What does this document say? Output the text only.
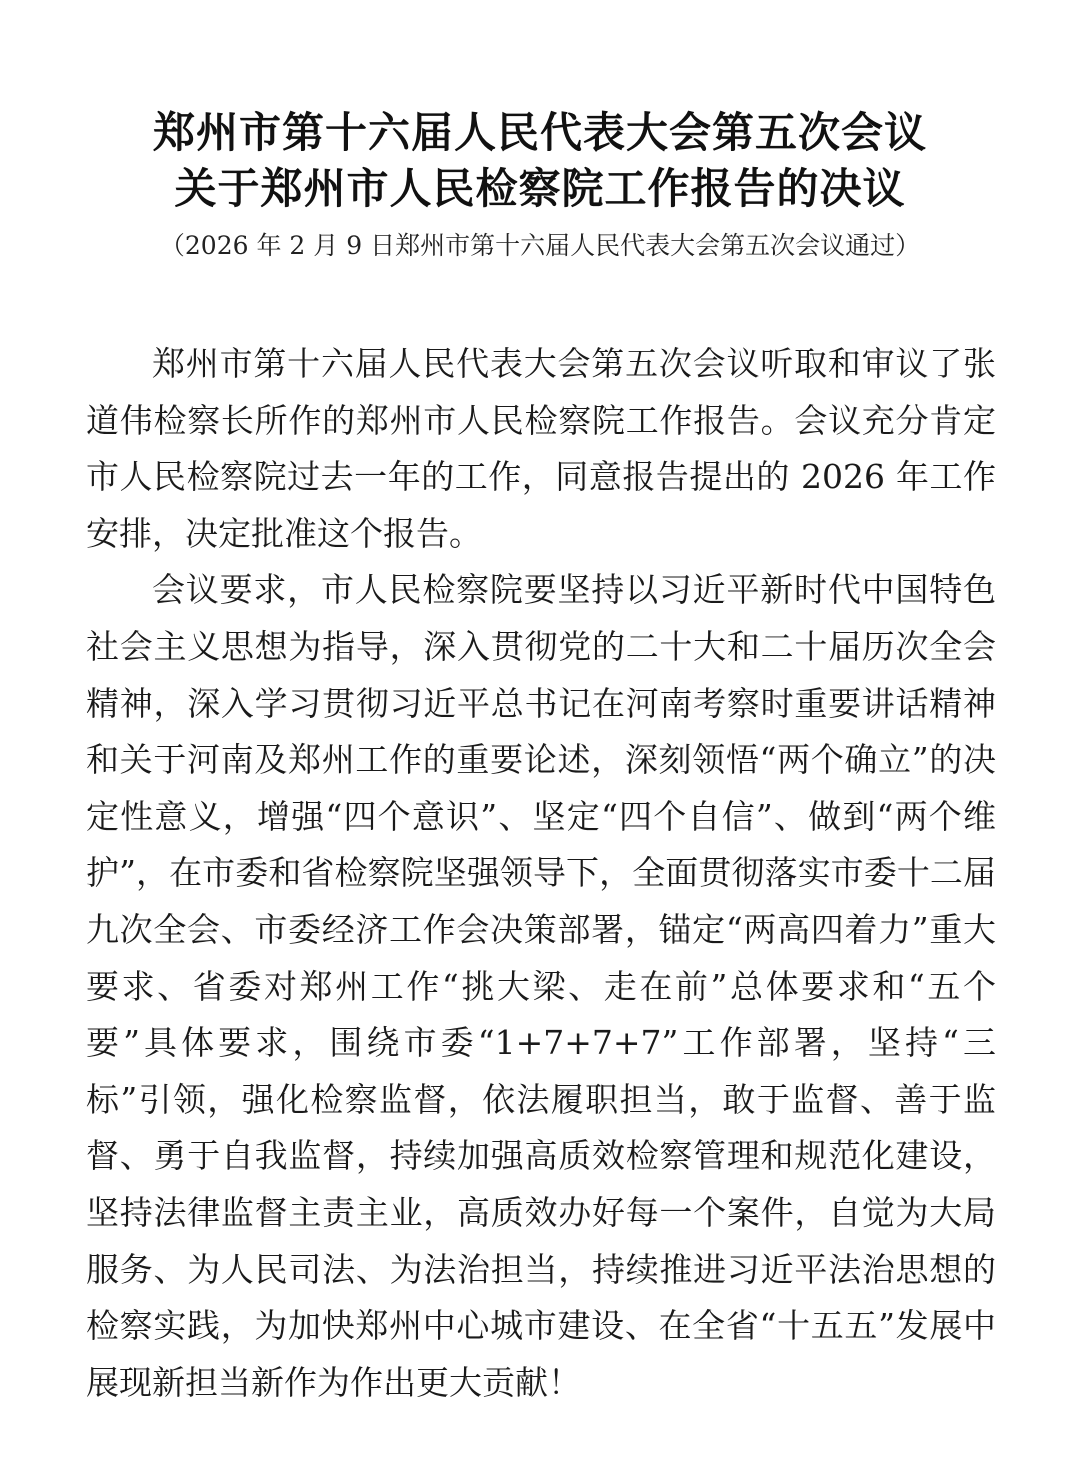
郑州市第十六届人民代表大会第五次会议
关于郑州市人民检察院工作报告的决议

（2026 年 2 月 9 日郑州市第十六届人民代表大会第五次会议通过）

郑州市第十六届人民代表大会第五次会议听取和审议了张道伟检察长所作的郑州市人民检察院工作报告。会议充分肯定市人民检察院过去一年的工作，同意报告提出的 2026 年工作安排，决定批准这个报告。

会议要求，市人民检察院要坚持以习近平新时代中国特色社会主义思想为指导，深入贯彻党的二十大和二十届历次全会精神，深入学习贯彻习近平总书记在河南考察时重要讲话精神和关于河南及郑州工作的重要论述，深刻领悟“两个确立”的决定性意义，增强“四个意识”、坚定“四个自信”、做到“两个维护”，在市委和省检察院坚强领导下，全面贯彻落实市委十二届九次全会、市委经济工作会决策部署，锚定“两高四着力”重大要求、省委对郑州工作“挑大梁、走在前”总体要求和“五个要”具体要求，围绕市委“1+7+7+7”工作部署，坚持“三标”引领，强化检察监督，依法履职担当，敢于监督、善于监督、勇于自我监督，持续加强高质效检察管理和规范化建设，坚持法律监督主责主业，高质效办好每一个案件，自觉为大局服务、为人民司法、为法治担当，持续推进习近平法治思想的检察实践，为加快郑州中心城市建设、在全省“十五五”发展中展现新担当新作为作出更大贡献！
